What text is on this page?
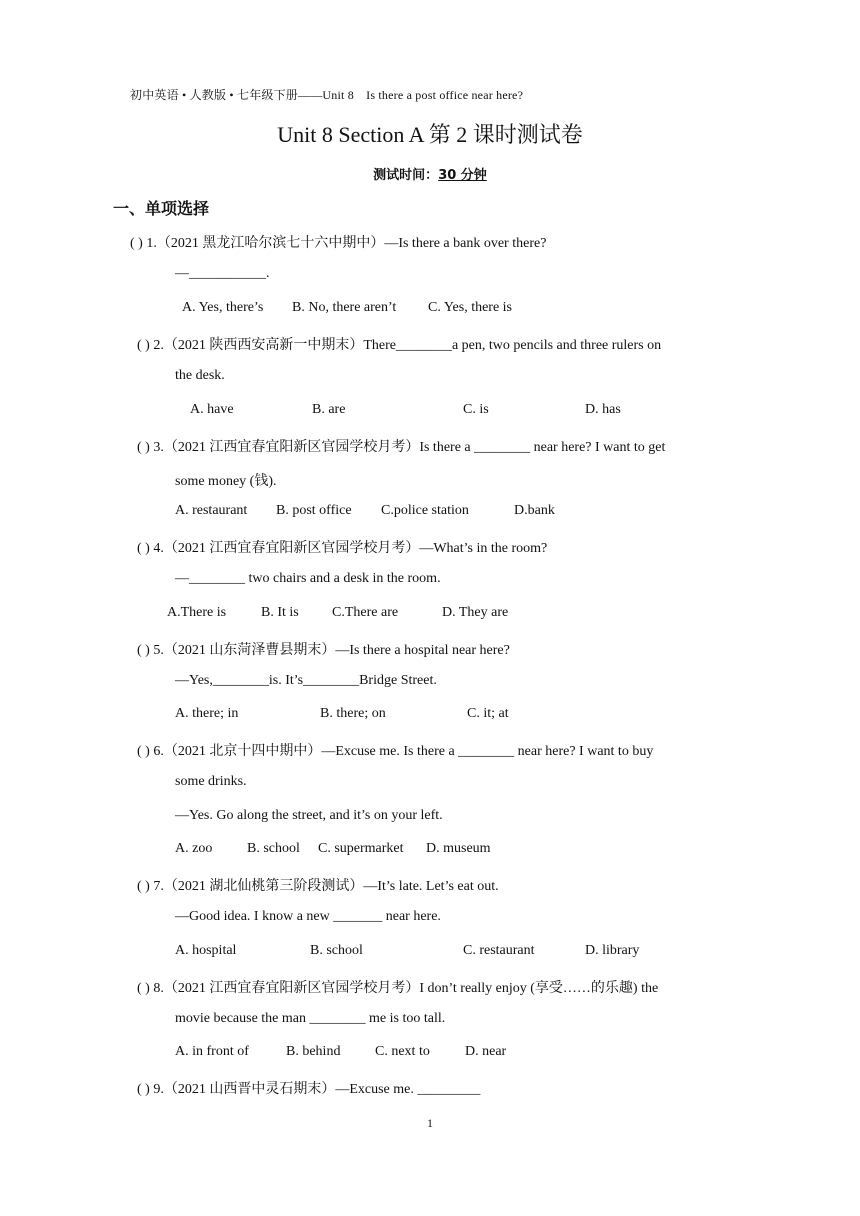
初中英语 • 人教版 • 七年级下册——Unit 8　Is there a post office near here?
Unit 8 Section A 第 2 课时测试卷
测试时间：30 分钟
一、单项选择
( ) 1.（2021 黑龙江哈尔滨七十六中期中）—Is there a bank over there?
—___________.
A. Yes, there’s B. No, there aren’t C. Yes, there is
( ) 2.（2021 陕西西安高新一中期末）There________a pen, two pencils and three rulers on
the desk.
A. have	B. are	C. is	D. has
( ) 3.（2021 江西宜春宜阳新区官园学校月考）Is there a ________ near here? I want to get
some money (钱).
A. restaurant B. post office C.police station	D.bank
( ) 4.（2021 江西宜春宜阳新区官园学校月考）—What’s in the room?
—________ two chairs and a desk in the room.
A.There is B. It is C.There are	D. They are
( ) 5.（2021 山东菏泽曹县期末）—Is there a hospital near here?
—Yes,________is. It’s________Bridge Street.
A. there; in	B. there; on	C. it; at
( ) 6.（2021 北京十四中期中）—Excuse me. Is there a ________ near here? I want to buy
some drinks.
—Yes. Go along the street, and it’s on your left.
A. zoo B. school C. supermarket D. museum
( ) 7.（2021 湖北仙桃第三阶段测试）—It’s late. Let’s eat out.
—Good idea. I know a new _______ near here.
A. hospital	B. school	C. restaurant	D. library
( ) 8.（2021 江西宜春宜阳新区官园学校月考）I don’t really enjoy (享受……的乐趣) the
movie because the man ________ me is too tall.
A. in front of	B. behind C. next to	D. near
( ) 9.（2021 山西晋中灵石期末）—Excuse me. _________
1
